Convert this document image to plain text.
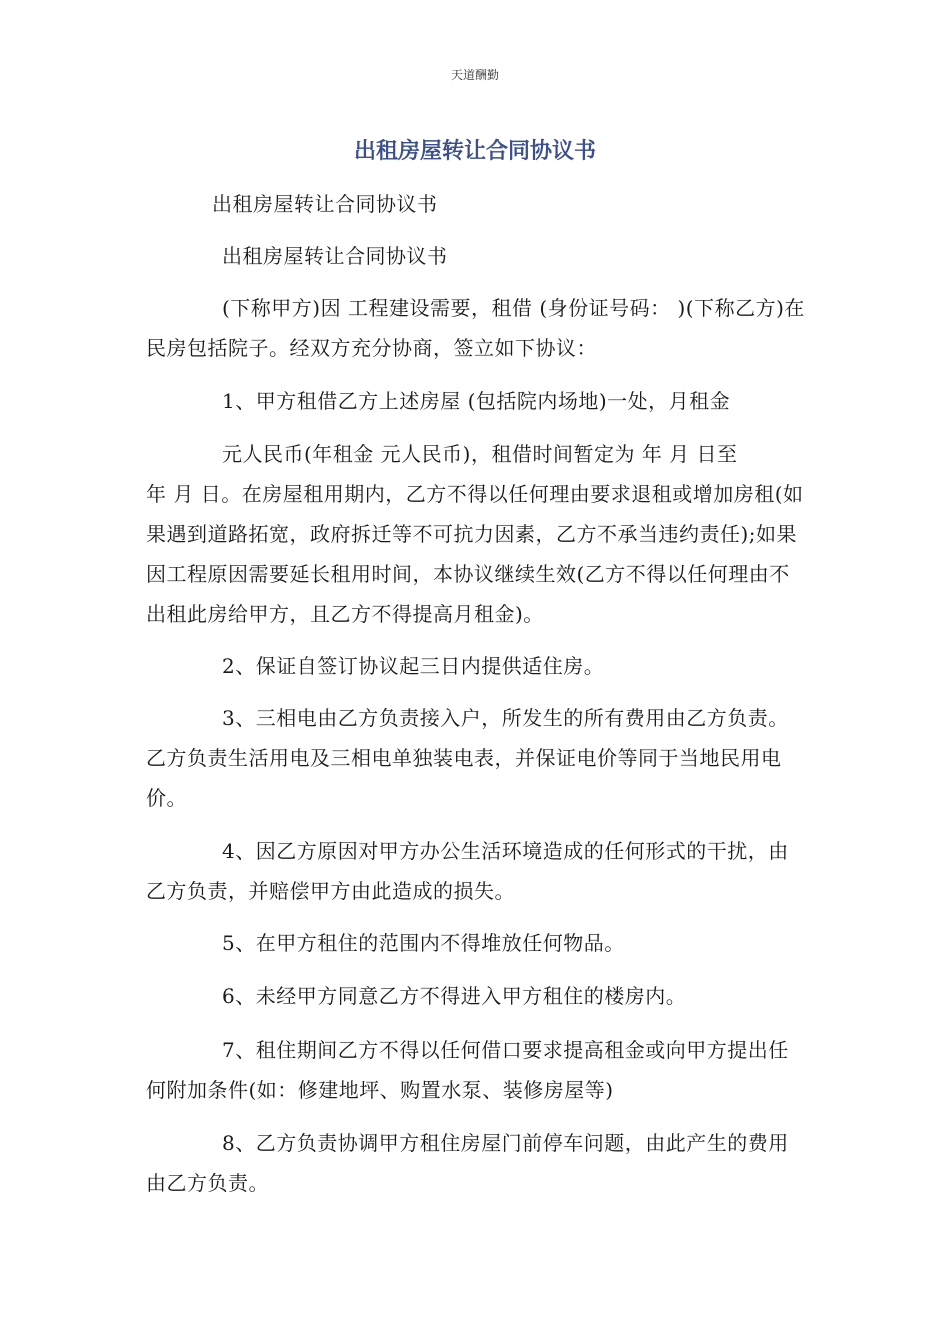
天道酬勤
出租房屋转让合同协议书

出租房屋转让合同协议书

出租房屋转让合同协议书

(下称甲方)因 工程建设需要，租借 (身份证号码： )(下称乙方)在 民房包括院子。经双方充分协商，签立如下协议：

1、甲方租借乙方上述房屋 (包括院内场地)一处，月租金

元人民币(年租金 元人民币)，租借时间暂定为 年 月 日至

年 月 日。在房屋租用期内，乙方不得以任何理由要求退租或增加房租(如果遇到道路拓宽，政府拆迁等不可抗力因素，乙方不承当违约责任);如果因工程原因需要延长租用时间，本协议继续生效(乙方不得以任何理由不出租此房给甲方，且乙方不得提高月租金)。

2、保证自签订协议起三日内提供适住房。

3、三相电由乙方负责接入户，所发生的所有费用由乙方负责。乙方负责生活用电及三相电单独装电表，并保证电价等同于当地民用电价。

4、因乙方原因对甲方办公生活环境造成的任何形式的干扰，由乙方负责，并赔偿甲方由此造成的损失。

5、在甲方租住的范围内不得堆放任何物品。

6、未经甲方同意乙方不得进入甲方租住的楼房内。

7、租住期间乙方不得以任何借口要求提高租金或向甲方提出任何附加条件(如：修建地坪、购置水泵、装修房屋等)

8、乙方负责协调甲方租住房屋门前停车问题，由此产生的费用由乙方负责。
